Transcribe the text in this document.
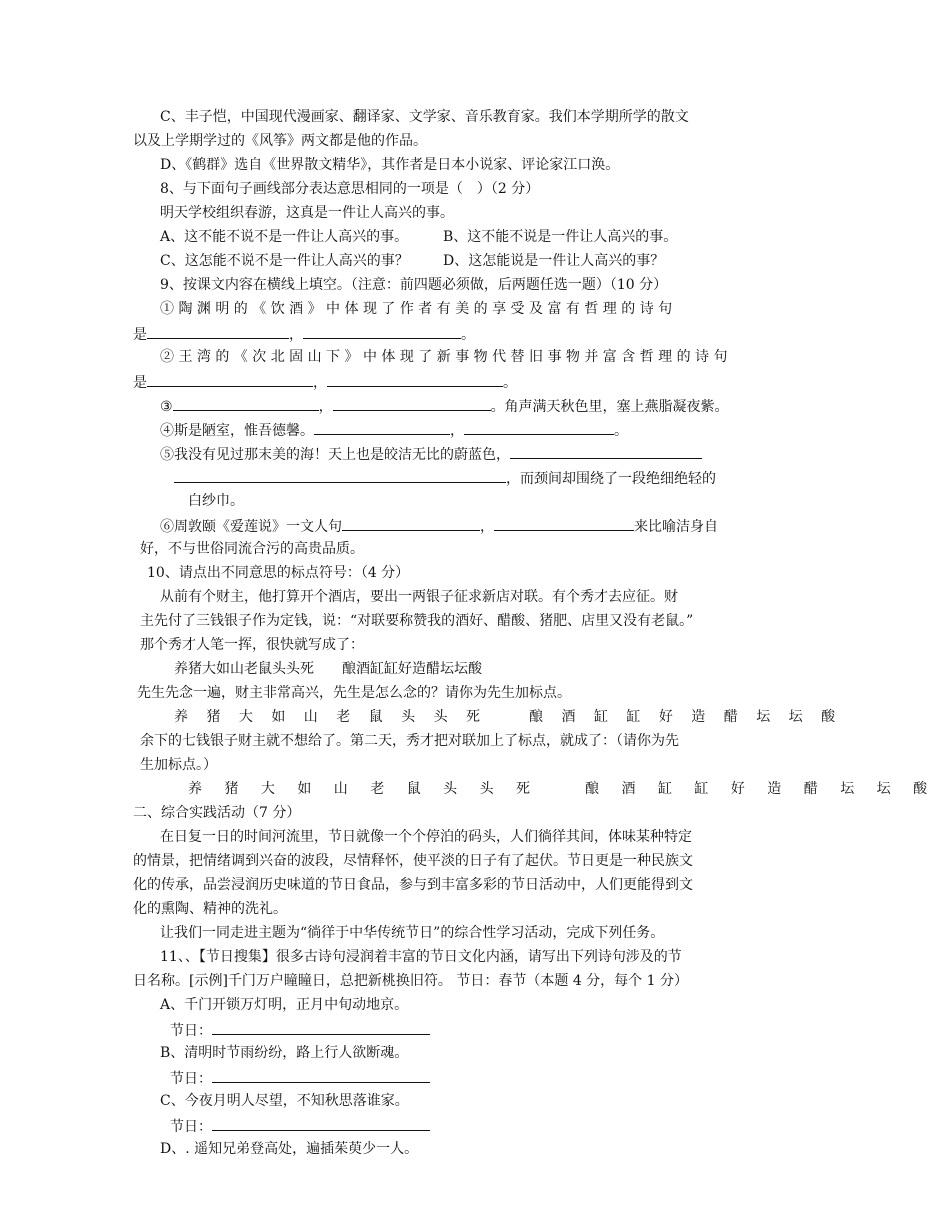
C、丰子恺，中国现代漫画家、翻译家、文学家、音乐教育家。我们本学期所学的散文
以及上学期学过的《风筝》两文都是他的作品。
D、《鹤群》选自《世界散文精华》，其作者是日本小说家、评论家江口涣。
8、与下面句子画线部分表达意思相同的一项是（　）（2 分）
明天学校组织春游，这真是一件让人高兴的事。
A、这不能不说不是一件让人高兴的事。 B、这不能不说是一件让人高兴的事。
C、这怎能不说不是一件让人高兴的事？ D、这怎能说是一件让人高兴的事？
9、按课文内容在横线上填空。（注意：前四题必须做，后两题任选一题）（10 分）
① 陶 渊 明 的 《 饮 酒 》 中 体 现 了 作 者 有 美 的 享 受 及 富 有 哲 理 的 诗 句
是	，	。
② 王 湾 的 《 次 北 固 山 下 》 中 体 现 了 新 事 物 代 替 旧 事 物 并 富 含 哲 理 的 诗 句
是	，	。
③	，	。角声满天秋色里，塞上燕脂凝夜紫。
④斯是陋室，惟吾德馨。	，	。
⑤我没有见过那末美的海！天上也是皎洁无比的蔚蓝色，
，而颈间却围绕了一段绝细绝轻的
白纱巾。
⑥周敦颐《爱莲说》一文人句	，	来比喻洁身自
好，不与世俗同流合污的高贵品质。
10、请点出不同意思的标点符号：（4 分）
从前有个财主，他打算开个酒店，要出一两银子征求新店对联。有个秀才去应征。财
主先付了三钱银子作为定钱，说：“对联要称赞我的酒好、醋酸、猪肥、店里又没有老鼠。”
那个秀才人笔一挥，很快就写成了：
养猪大如山老鼠头头死　　酿酒缸缸好造醋坛坛酸
先生先念一遍，财主非常高兴，先生是怎么念的？请你为先生加标点。
养 猪 大 如 山 老 鼠 头 头 死　　酿 酒 缸 缸 好 造 醋 坛 坛 酸
余下的七钱银子财主就不想给了。第二天，秀才把对联加上了标点，就成了：（请你为先
生加标点。）
养 猪 大 如 山 老 鼠 头 头 死　　酿 酒 缸 缸 好 造 醋 坛 坛 酸
二、综合实践活动（7 分）
在日复一日的时间河流里，节日就像一个个停泊的码头，人们徜徉其间，体味某种特定
的情景，把情绪调到兴奋的波段，尽情释怀，使平淡的日子有了起伏。节日更是一种民族文
化的传承，品尝浸润历史味道的节日食品，参与到丰富多彩的节日活动中，人们更能得到文
化的熏陶、精神的洗礼。
让我们一同走进主题为“徜徉于中华传统节日”的综合性学习活动，完成下列任务。
11、、【节日搜集】很多古诗句浸润着丰富的节日文化内涵，请写出下列诗句涉及的节
日名称。[示例]千门万户瞳瞳日，总把新桃换旧符。 节日：春节（本题 4 分，每个 1 分）
A、千门开锁万灯明，正月中旬动地京。
节日：
B、清明时节雨纷纷，路上行人欲断魂。
节日：
C、今夜月明人尽望，不知秋思落谁家。
节日：
D、. 遥知兄弟登高处，遍插茱萸少一人。
